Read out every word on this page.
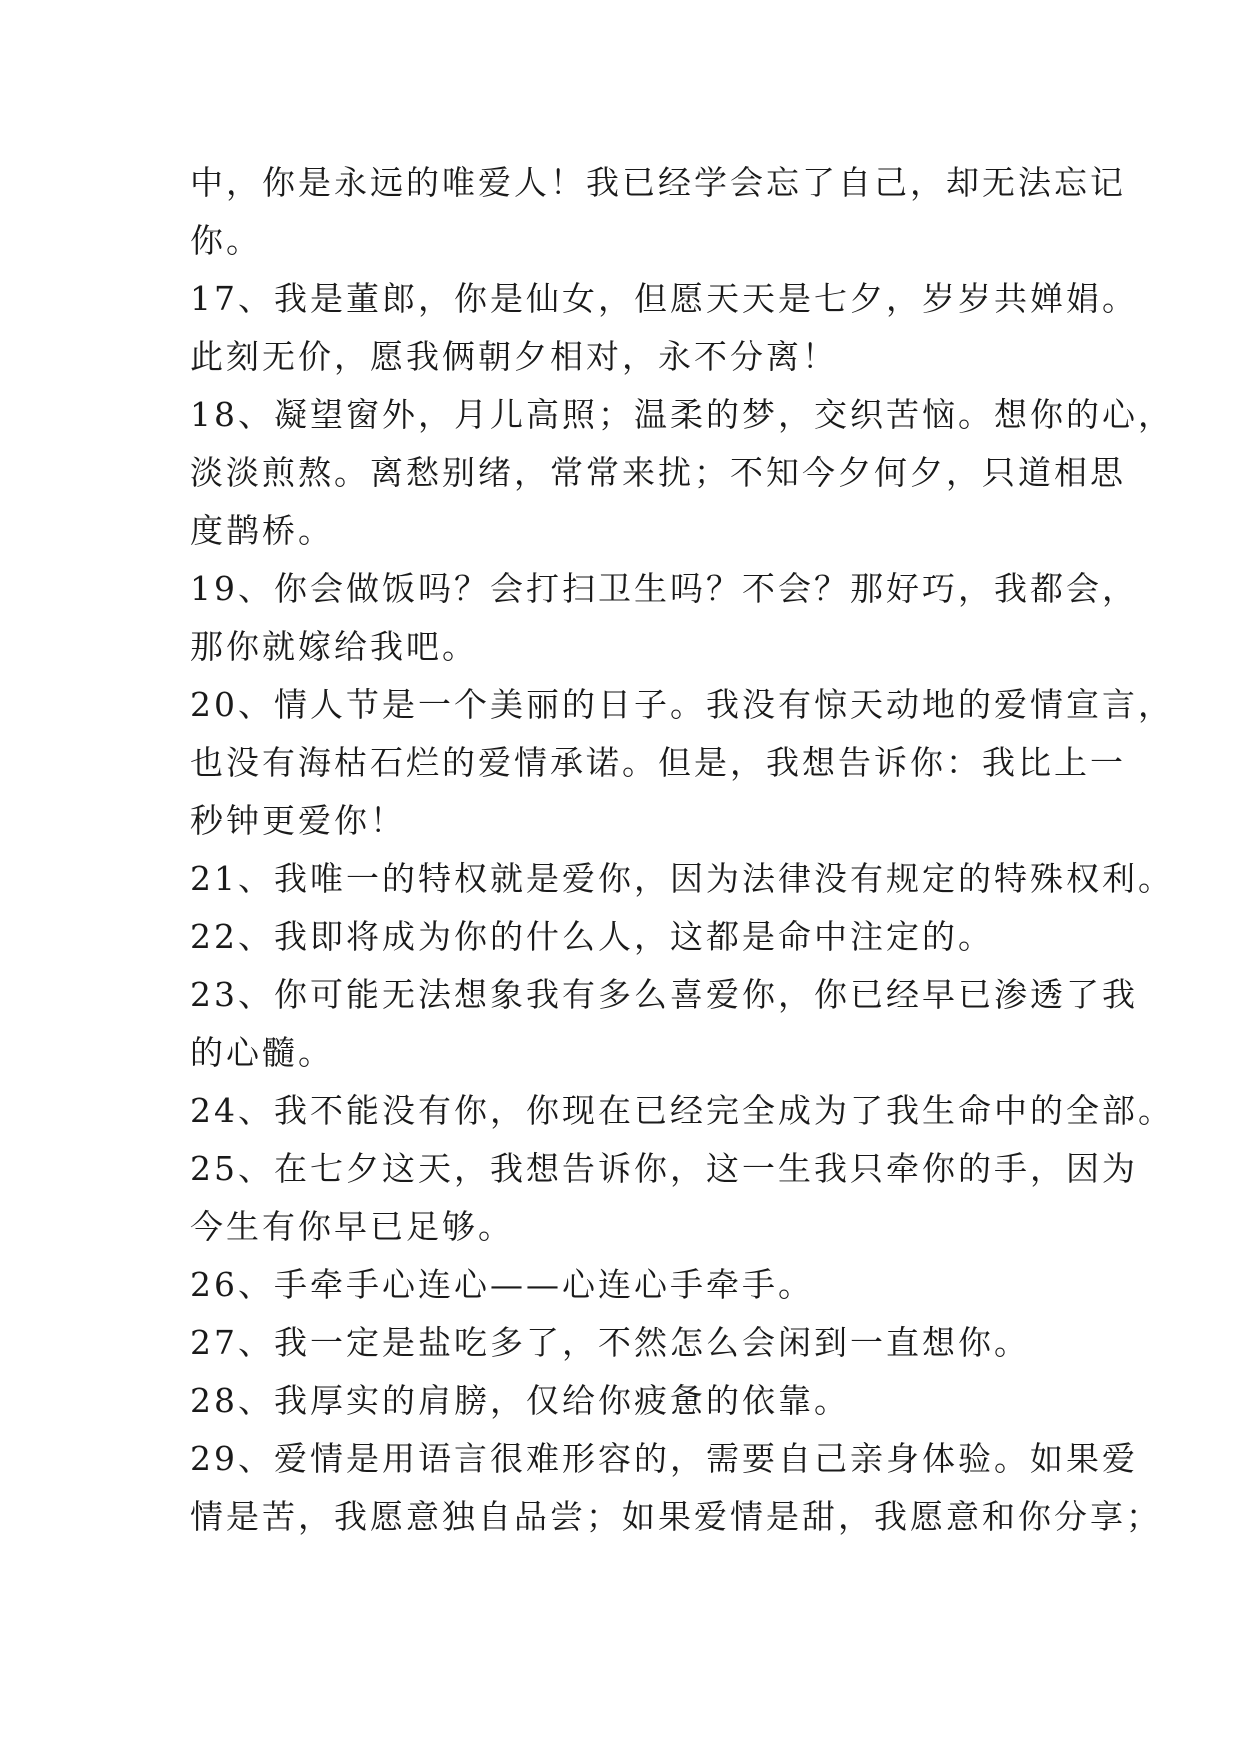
中，你是永远的唯爱人！我已经学会忘了自己，却无法忘记
你。
17、我是董郎，你是仙女，但愿天天是七夕，岁岁共婵娟。
此刻无价，愿我俩朝夕相对，永不分离！
18、凝望窗外，月儿高照；温柔的梦，交织苦恼。想你的心，
淡淡煎熬。离愁别绪，常常来扰；不知今夕何夕，只道相思
度鹊桥。
19、你会做饭吗？会打扫卫生吗？不会？那好巧，我都会，
那你就嫁给我吧。
20、情人节是一个美丽的日子。我没有惊天动地的爱情宣言，
也没有海枯石烂的爱情承诺。但是，我想告诉你：我比上一
秒钟更爱你！
21、我唯一的特权就是爱你，因为法律没有规定的特殊权利。
22、我即将成为你的什么人，这都是命中注定的。
23、你可能无法想象我有多么喜爱你，你已经早已渗透了我
的心髓。
24、我不能没有你，你现在已经完全成为了我生命中的全部。
25、在七夕这天，我想告诉你，这一生我只牵你的手，因为
今生有你早已足够。
26、手牵手心连心——心连心手牵手。
27、我一定是盐吃多了，不然怎么会闲到一直想你。
28、我厚实的肩膀，仅给你疲惫的依靠。
29、爱情是用语言很难形容的，需要自己亲身体验。如果爱
情是苦，我愿意独自品尝；如果爱情是甜，我愿意和你分享；
